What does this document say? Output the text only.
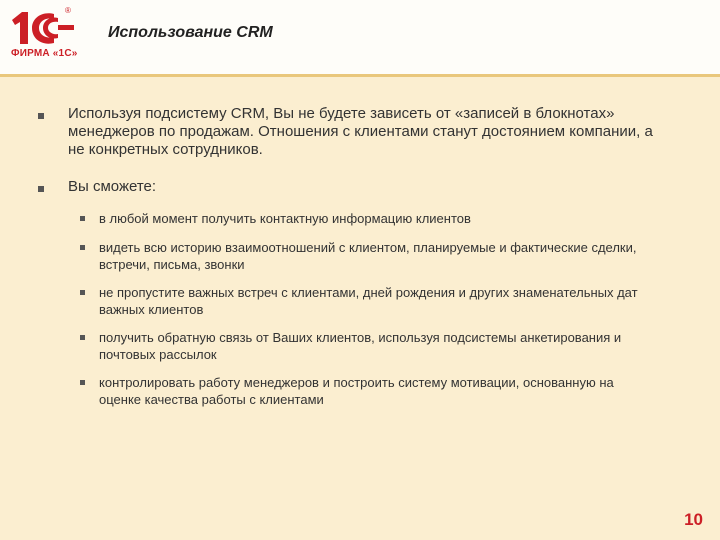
®
ФИРМА «1С»
Использование CRM
Используя подсистему CRM, Вы не будете зависеть от «записей в блокнотах» менеджеров по продажам. Отношения с клиентами станут достоянием компании, а не конкретных сотрудников.
Вы сможете:
в любой момент получить контактную информацию клиентов
видеть всю историю взаимоотношений с клиентом, планируемые и фактические сделки, встречи, письма, звонки
не пропустите важных встреч с клиентами, дней рождения и других знаменательных дат важных клиентов
получить обратную связь от Ваших клиентов, используя подсистемы анкетирования и почтовых рассылок
контролировать работу менеджеров и построить систему мотивации, основанную на оценке качества работы с клиентами
10
